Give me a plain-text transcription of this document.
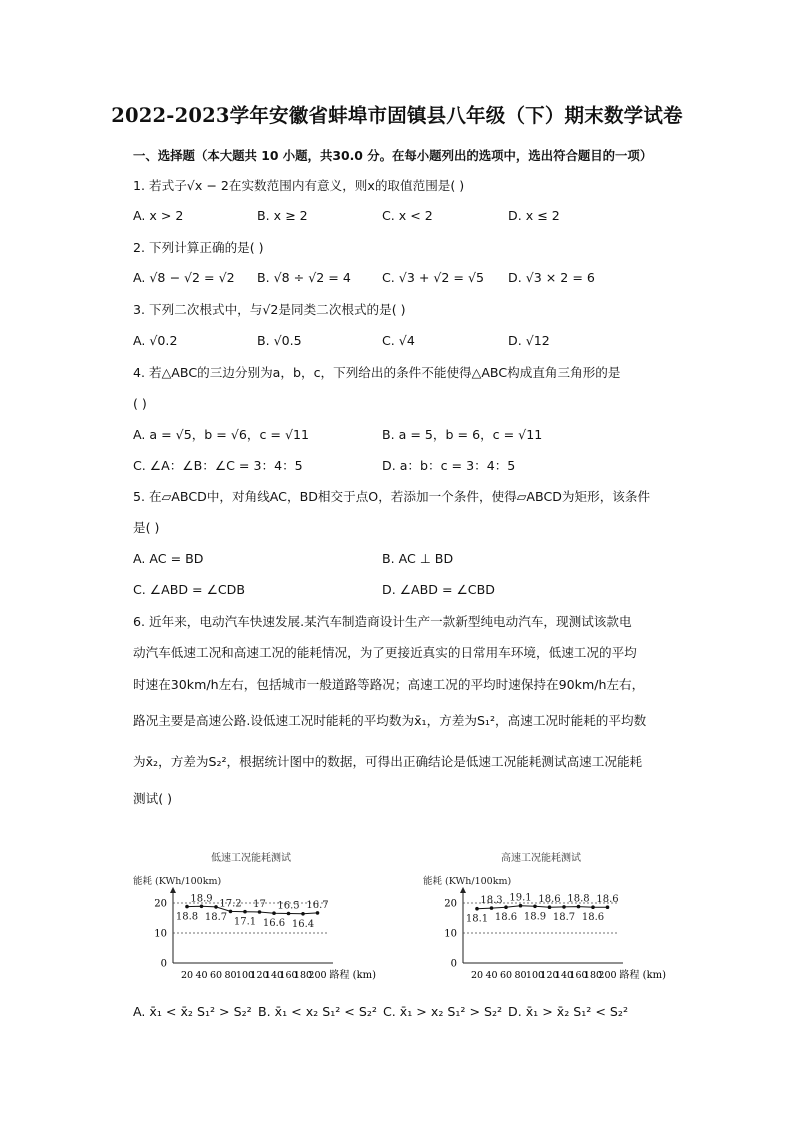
2022-2023学年安徽省蚌埠市固镇县八年级（下）期末数学试卷
一、选择题（本大题共 10 小题，共30.0 分。在每小题列出的选项中，选出符合题目的一项）
1. 若式子√x − 2在实数范围内有意义，则x的取值范围是( )
A. x > 2	B. x ≥ 2	C. x < 2	D. x ≤ 2
2. 下列计算正确的是( )
A. √8 − √2 = √2 B. √8 ÷ √2 = 4 C. √3 + √2 = √5 D. √3 × 2 = 6
3. 下列二次根式中，与√2是同类二次根式的是( )
A. √0.2	B. √0.5	C. √4	D. √12
4. 若△ABC的三边分别为a，b，c，下列给出的条件不能使得△ABC构成直角三角形的是
( )
A. a = √5，b = √6，c = √11	B. a = 5，b = 6，c = √11
C. ∠A：∠B：∠C = 3：4：5	D. a：b：c = 3：4：5
5. 在▱ABCD中，对角线AC，BD相交于点O，若添加一个条件，使得▱ABCD为矩形，该条件
是( )
A. AC = BD	B. AC ⊥ BD
C. ∠ABD = ∠CDB	D. ∠ABD = ∠CBD
6. 近年来，电动汽车快速发展.某汽车制造商设计生产一款新型纯电动汽车，现测试该款电
动汽车低速工况和高速工况的能耗情况，为了更接近真实的日常用车环境，低速工况的平均
时速在30km/h左右，包括城市一般道路等路况；高速工况的平均时速保持在90km/h左右，
路况主要是高速公路.设低速工况时能耗的平均数为x̄₁，方差为S₁²，高速工况时能耗的平均数
为x̄₂，方差为S₂²，根据统计图中的数据，可得出正确结论是低速工况能耗测试高速工况能耗
测试( )
低速工况能耗测试
能耗 (KWh/100km)
0
10
20
20 40 60 80 100
120
140
160
180
200 路程 (km)
18.8
18.9
18.7
17.2
17.1
17
16.6
16.5
16.4
16.7
高速工况能耗测试
能耗 (KWh/100km)
0
10
20
20 40 60 80 100
120
140
160
180
200 路程 (km)
18.1
18.3
18.6
19.1
18.9
18.6
18.7
18.8
18.6
18.6
A. x̄₁ < x̄₂ S₁² > S₂² B. x̄₁ < x₂ S₁² < S₂² C. x̄₁ > x₂ S₁² > S₂² D. x̄₁ > x̄₂ S₁² < S₂²
